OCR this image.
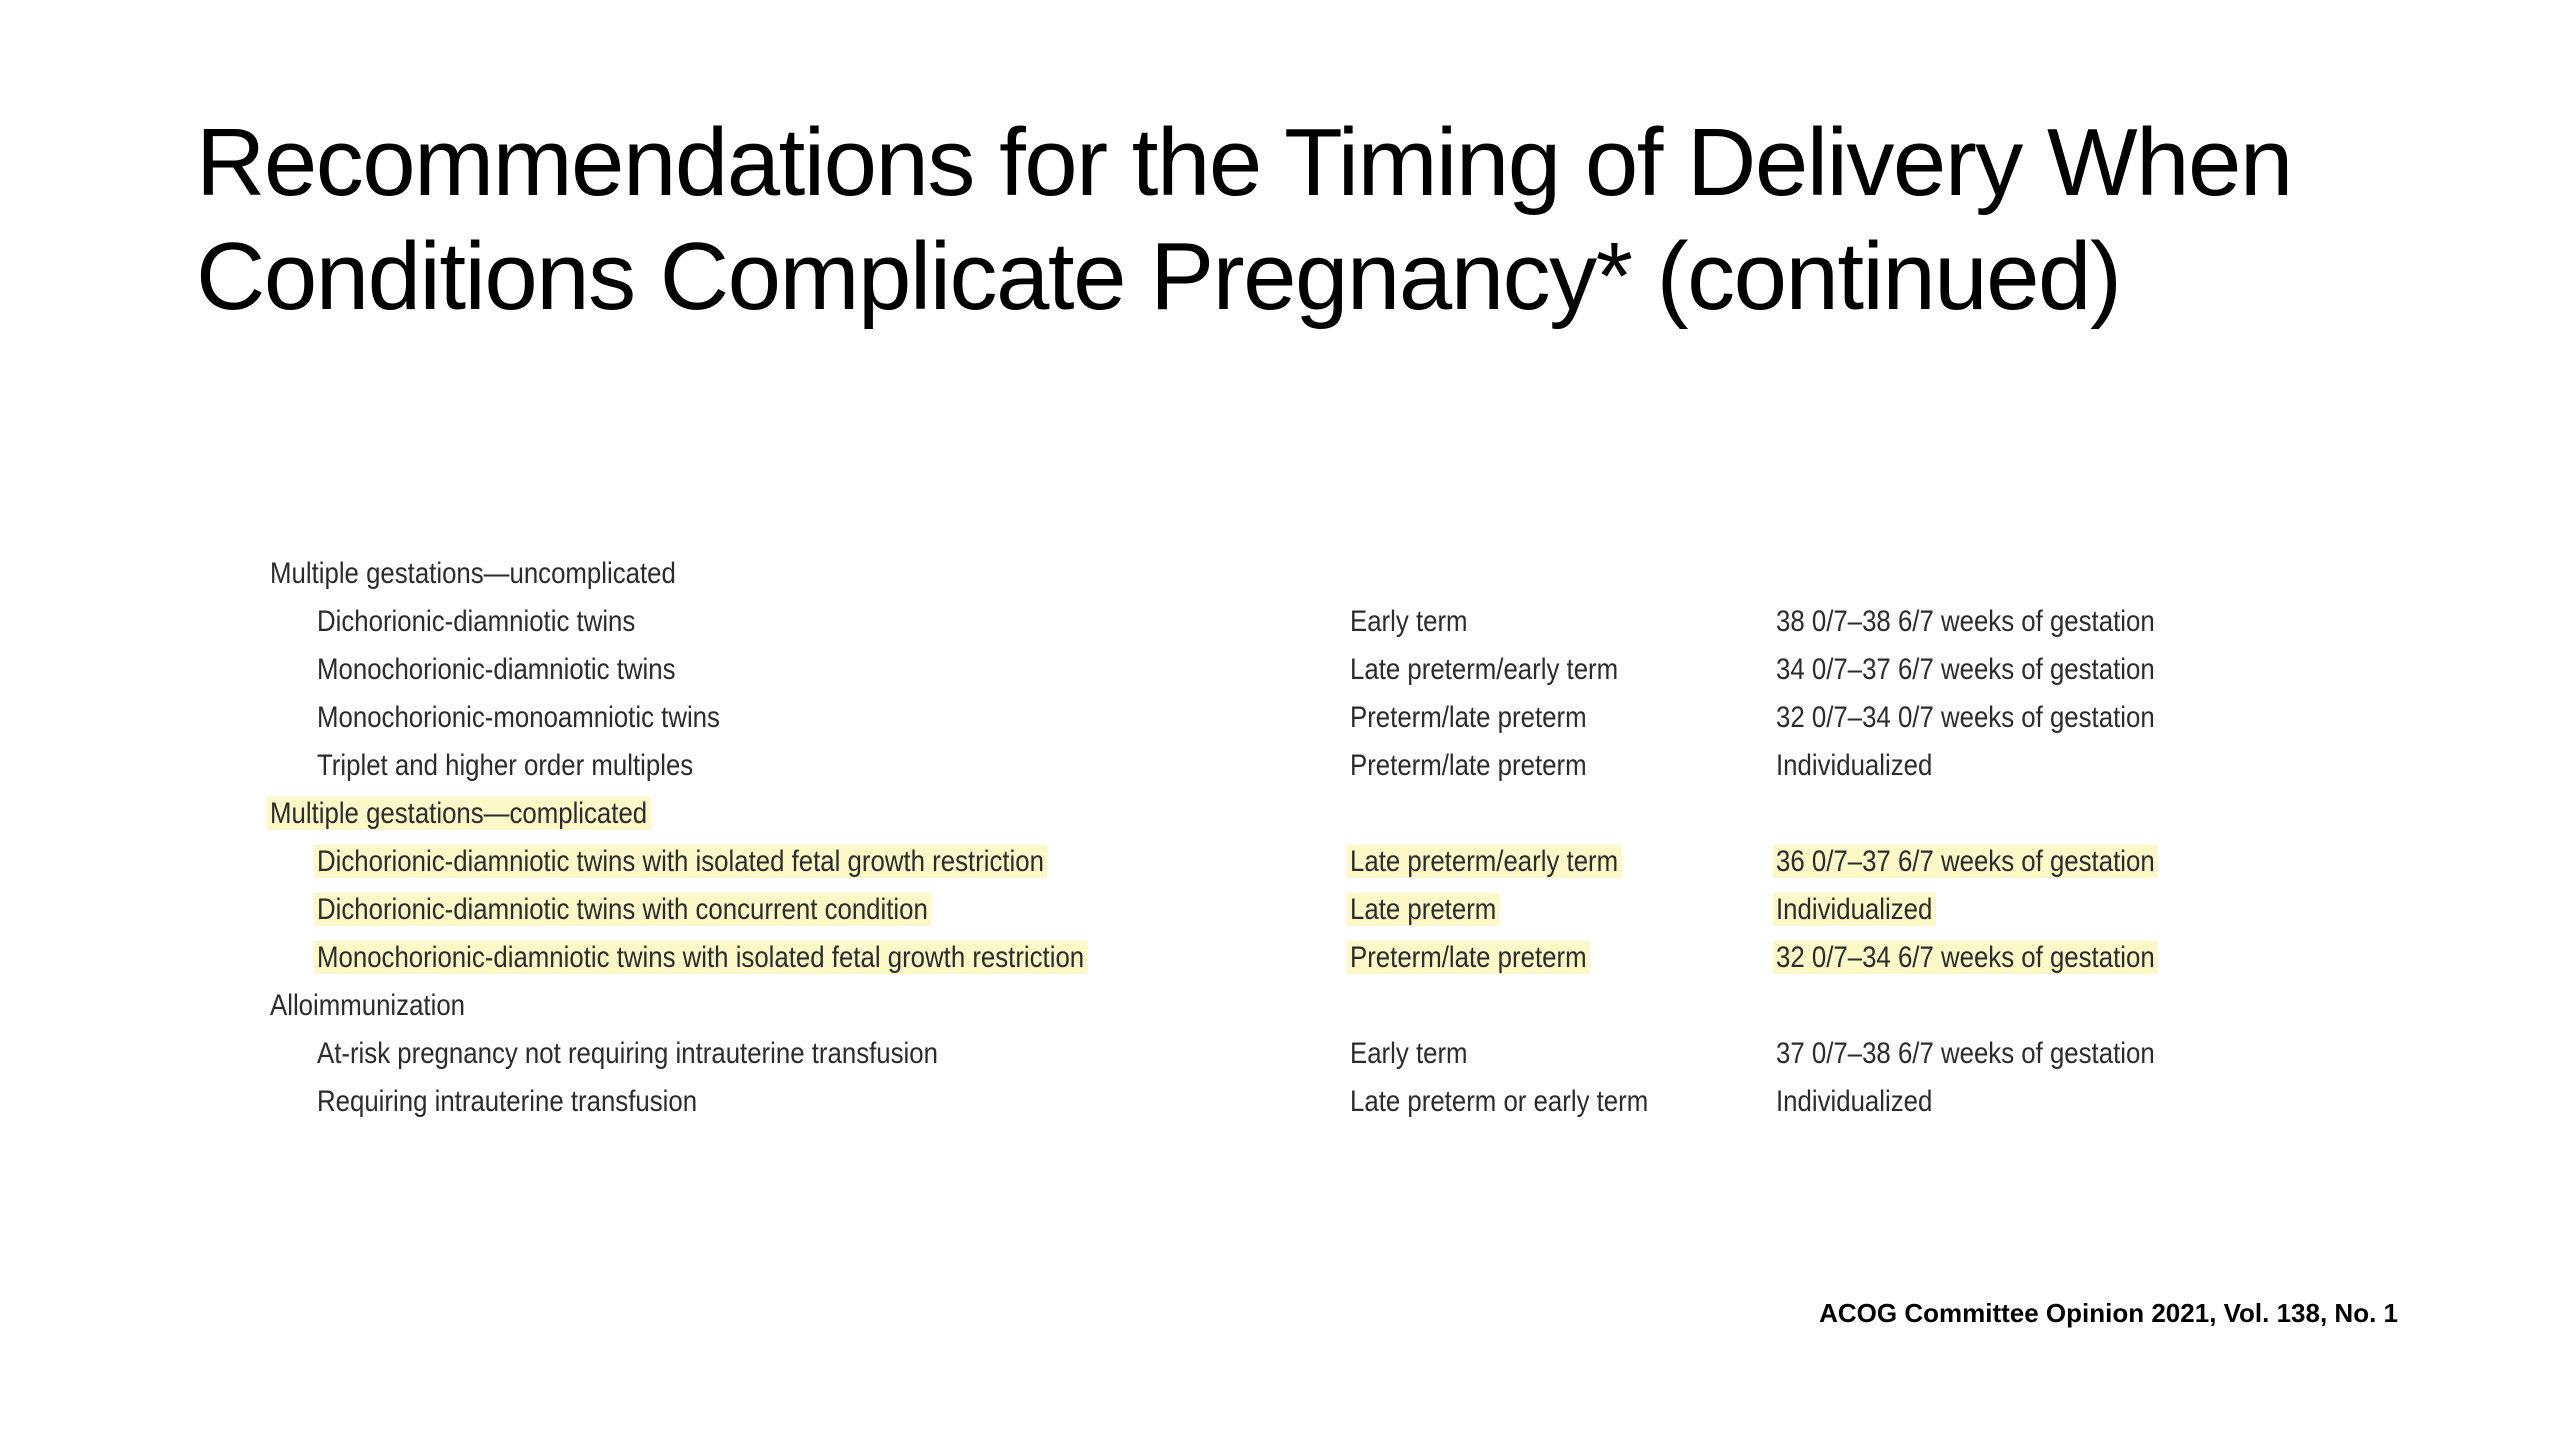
Recommendations for the Timing of Delivery When
Conditions Complicate Pregnancy* (continued)
Multiple gestations—uncomplicated
Dichorionic-diamniotic twins	Early term	38 0/7–38 6/7 weeks of gestation
Monochorionic-diamniotic twins	Late preterm/early term	34 0/7–37 6/7 weeks of gestation
Monochorionic-monoamniotic twins	Preterm/late preterm	32 0/7–34 0/7 weeks of gestation
Triplet and higher order multiples	Preterm/late preterm	Individualized
Multiple gestations—complicated
Dichorionic-diamniotic twins with isolated fetal growth restriction	Late preterm/early term	36 0/7–37 6/7 weeks of gestation
Dichorionic-diamniotic twins with concurrent condition	Late preterm	Individualized
Monochorionic-diamniotic twins with isolated fetal growth restriction	Preterm/late preterm	32 0/7–34 6/7 weeks of gestation
Alloimmunization
At-risk pregnancy not requiring intrauterine transfusion	Early term	37 0/7–38 6/7 weeks of gestation
Requiring intrauterine transfusion	Late preterm or early term	Individualized
ACOG Committee Opinion 2021, Vol. 138, No. 1
